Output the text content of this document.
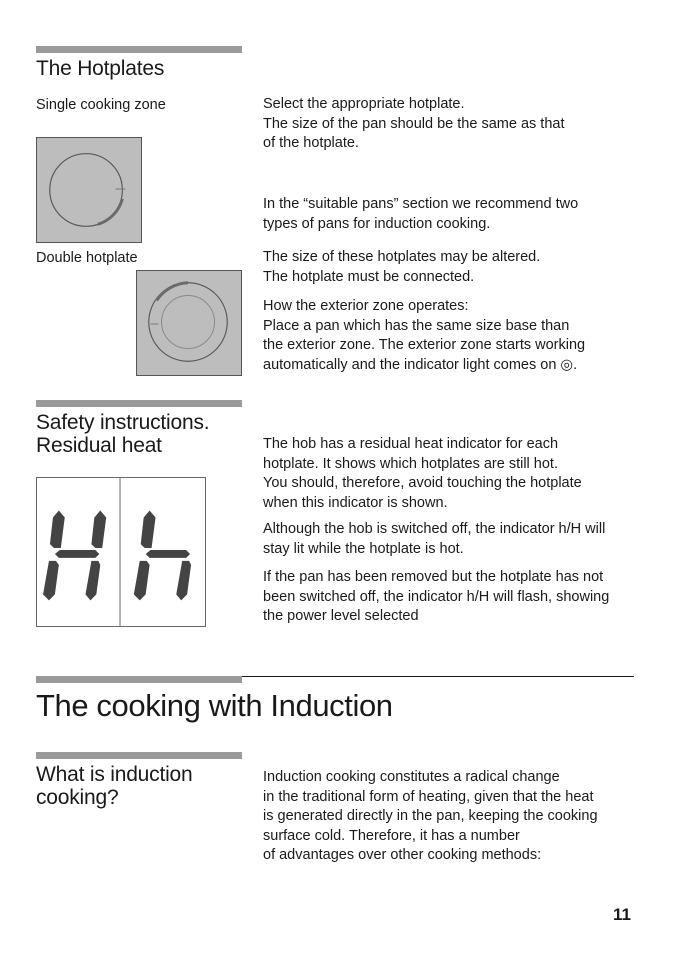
The Hotplates
Single cooking zone	Select the appropriate hotplate.
The size of the pan should be the same as that
of the hotplate.
In the “suitable pans” section we recommend two
types of pans for induction cooking.
Double hotplate	The size of these hotplates may be altered.
The hotplate must be connected.
How the exterior zone operates:
Place a pan which has the same size base than
the exterior zone. The exterior zone starts working
automatically and the indicator light comes on ◎.
Safety instructions.
Residual heat	The hob has a residual heat indicator for each
hotplate. It shows which hotplates are still hot.
You should, therefore, avoid touching the hotplate
when this indicator is shown.
Although the hob is switched off, the indicator h/H will
stay lit while the hotplate is hot.
If the pan has been removed but the hotplate has not
been switched off, the indicator h/H will flash, showing
the power level selected
The cooking with Induction
What is induction
cooking?
Induction cooking constitutes a radical change
in the traditional form of heating, given that the heat
is generated directly in the pan, keeping the cooking
surface cold. Therefore, it has a number
of advantages over other cooking methods:
11
